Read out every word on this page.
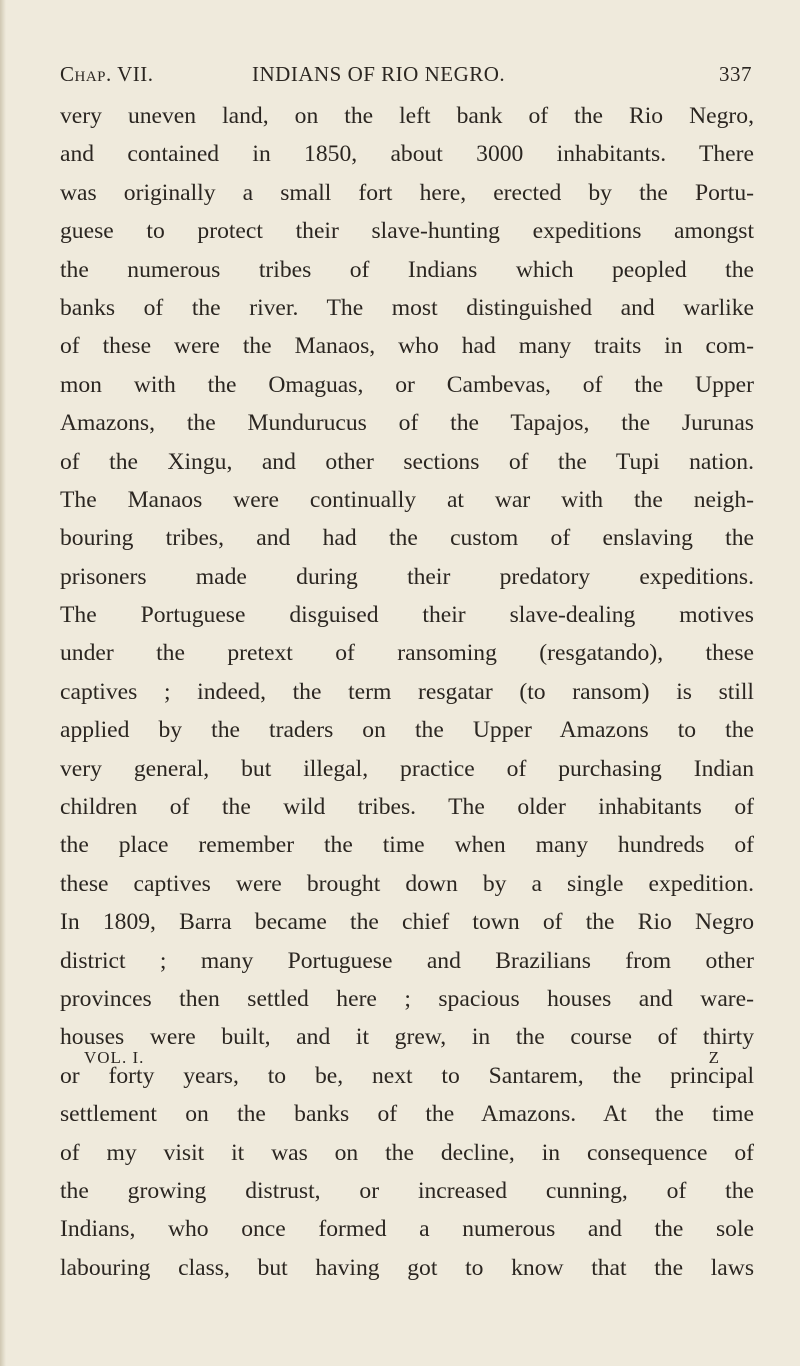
Chap. VII.	INDIANS OF RIO NEGRO.	337
very uneven land, on the left bank of the Rio Negro,
and contained in 1850, about 3000 inhabitants. There
was originally a small fort here, erected by the Portu-
guese to protect their slave-hunting expeditions amongst
the numerous tribes of Indians which peopled the
banks of the river. The most distinguished and warlike
of these were the Manaos, who had many traits in com-
mon with the Omaguas, or Cambevas, of the Upper
Amazons, the Mundurucus of the Tapajos, the Jurunas
of the Xingu, and other sections of the Tupi nation.
The Manaos were continually at war with the neigh-
bouring tribes, and had the custom of enslaving the
prisoners made during their predatory expeditions.
The Portuguese disguised their slave-dealing motives
under the pretext of ransoming (resgatando), these
captives ; indeed, the term resgatar (to ransom) is still
applied by the traders on the Upper Amazons to the
very general, but illegal, practice of purchasing Indian
children of the wild tribes. The older inhabitants of
the place remember the time when many hundreds of
these captives were brought down by a single expedition.
In 1809, Barra became the chief town of the Rio Negro
district ; many Portuguese and Brazilians from other
provinces then settled here ; spacious houses and ware-
houses were built, and it grew, in the course of thirty
or forty years, to be, next to Santarem, the principal
settlement on the banks of the Amazons. At the time
of my visit it was on the decline, in consequence of
the growing distrust, or increased cunning, of the
Indians, who once formed a numerous and the sole
labouring class, but having got to know that the laws
VOL. I.	Z
